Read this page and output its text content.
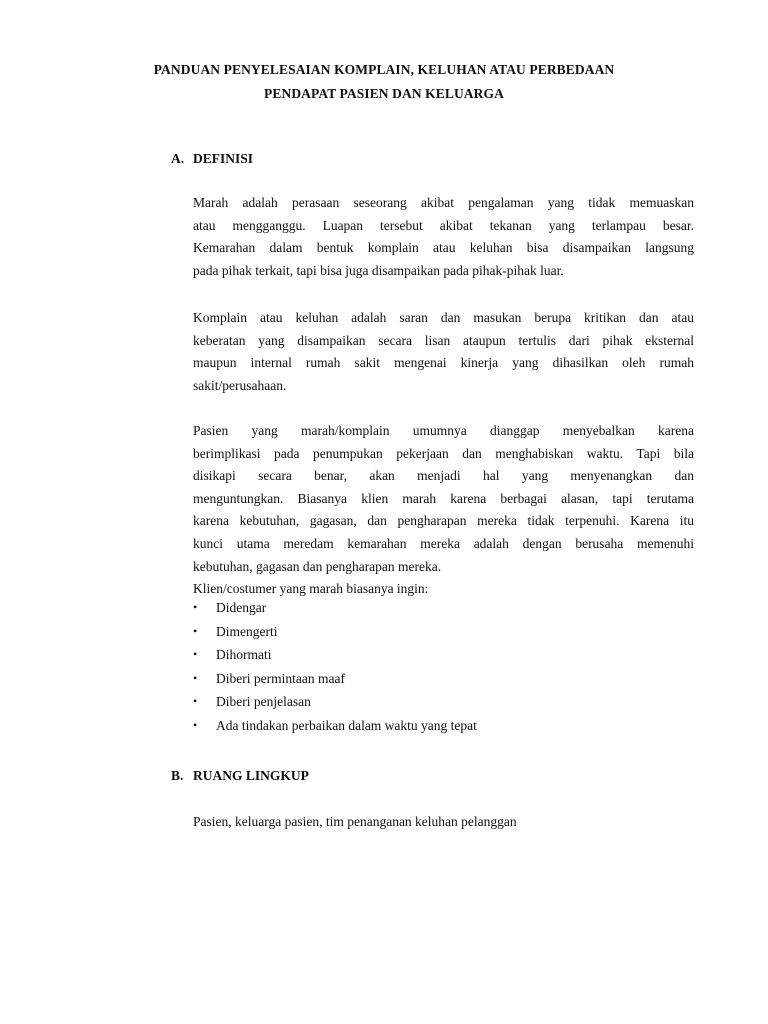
PANDUAN PENYELESAIAN KOMPLAIN, KELUHAN ATAU PERBEDAAN
PENDAPAT PASIEN DAN KELUARGA
A. DEFINISI
Marah adalah perasaan seseorang akibat pengalaman yang tidak memuaskan
atau mengganggu. Luapan tersebut akibat tekanan yang terlampau besar.
Kemarahan dalam bentuk komplain atau keluhan bisa disampaikan langsung
pada pihak terkait, tapi bisa juga disampaikan pada pihak-pihak luar.
Komplain atau keluhan adalah saran dan masukan berupa kritikan dan atau
keberatan yang disampaikan secara lisan ataupun tertulis dari pihak eksternal
maupun internal rumah sakit mengenai kinerja yang dihasilkan oleh rumah
sakit/perusahaan.
Pasien yang marah/komplain umumnya dianggap menyebalkan karena
berimplikasi pada penumpukan pekerjaan dan menghabiskan waktu. Tapi bila
disikapi secara benar, akan menjadi hal yang menyenangkan dan
menguntungkan. Biasanya klien marah karena berbagai alasan, tapi terutama
karena kebutuhan, gagasan, dan pengharapan mereka tidak terpenuhi. Karena itu
kunci utama meredam kemarahan mereka adalah dengan berusaha memenuhi
kebutuhan, gagasan dan pengharapan mereka.
Klien/costumer yang marah biasanya ingin:
• Didengar
• Dimengerti
• Dihormati
• Diberi permintaan maaf
• Diberi penjelasan
• Ada tindakan perbaikan dalam waktu yang tepat
B. RUANG LINGKUP
Pasien, keluarga pasien, tim penanganan keluhan pelanggan
